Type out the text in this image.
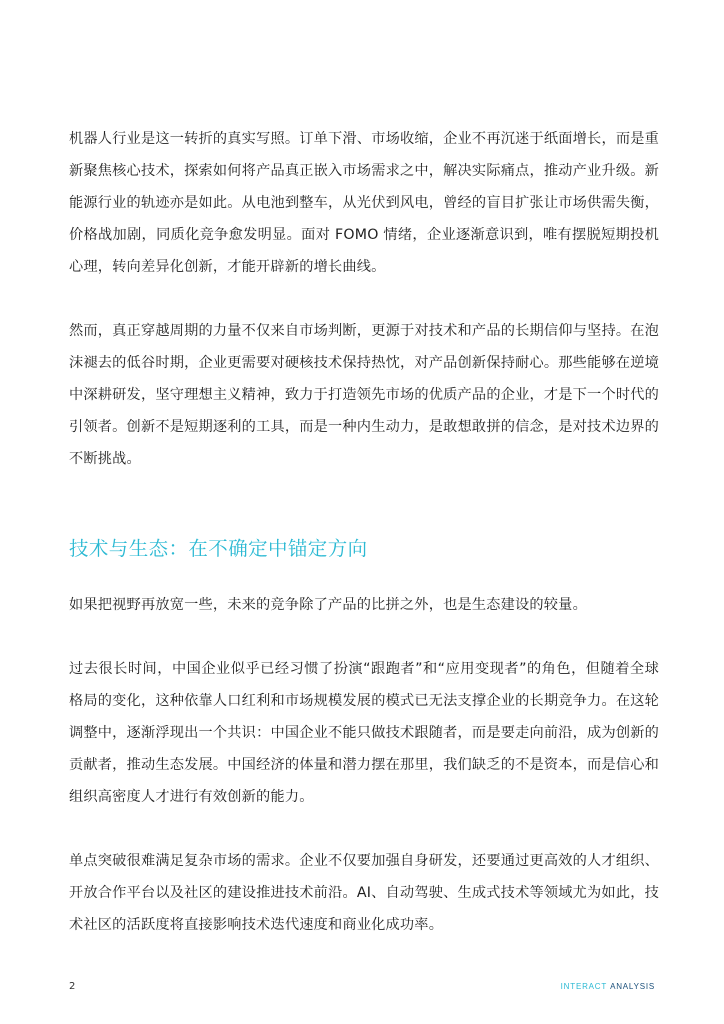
机器人行业是这一转折的真实写照。订单下滑、市场收缩，企业不再沉迷于纸面增长，而是重新聚焦核心技术，探索如何将产品真正嵌入市场需求之中，解决实际痛点，推动产业升级。新能源行业的轨迹亦是如此。从电池到整车，从光伏到风电，曾经的盲目扩张让市场供需失衡，价格战加剧，同质化竞争愈发明显。面对 FOMO 情绪，企业逐渐意识到，唯有摆脱短期投机心理，转向差异化创新，才能开辟新的增长曲线。

然而，真正穿越周期的力量不仅来自市场判断，更源于对技术和产品的长期信仰与坚持。在泡沫褪去的低谷时期，企业更需要对硬核技术保持热忱，对产品创新保持耐心。那些能够在逆境中深耕研发，坚守理想主义精神，致力于打造领先市场的优质产品的企业，才是下一个时代的引领者。创新不是短期逐利的工具，而是一种内生动力，是敢想敢拼的信念，是对技术边界的不断挑战。

技术与生态：在不确定中锚定方向

如果把视野再放宽一些，未来的竞争除了产品的比拼之外，也是生态建设的较量。

过去很长时间，中国企业似乎已经习惯了扮演“跟跑者”和“应用变现者”的角色，但随着全球格局的变化，这种依靠人口红利和市场规模发展的模式已无法支撑企业的长期竞争力。在这轮调整中，逐渐浮现出一个共识：中国企业不能只做技术跟随者，而是要走向前沿，成为创新的贡献者，推动生态发展。中国经济的体量和潜力摆在那里，我们缺乏的不是资本，而是信心和组织高密度人才进行有效创新的能力。

单点突破很难满足复杂市场的需求。企业不仅要加强自身研发，还要通过更高效的人才组织、开放合作平台以及社区的建设推进技术前沿。AI、自动驾驶、生成式技术等领域尤为如此，技术社区的活跃度将直接影响技术迭代速度和商业化成功率。

2	INTERACT ANALYSIS
